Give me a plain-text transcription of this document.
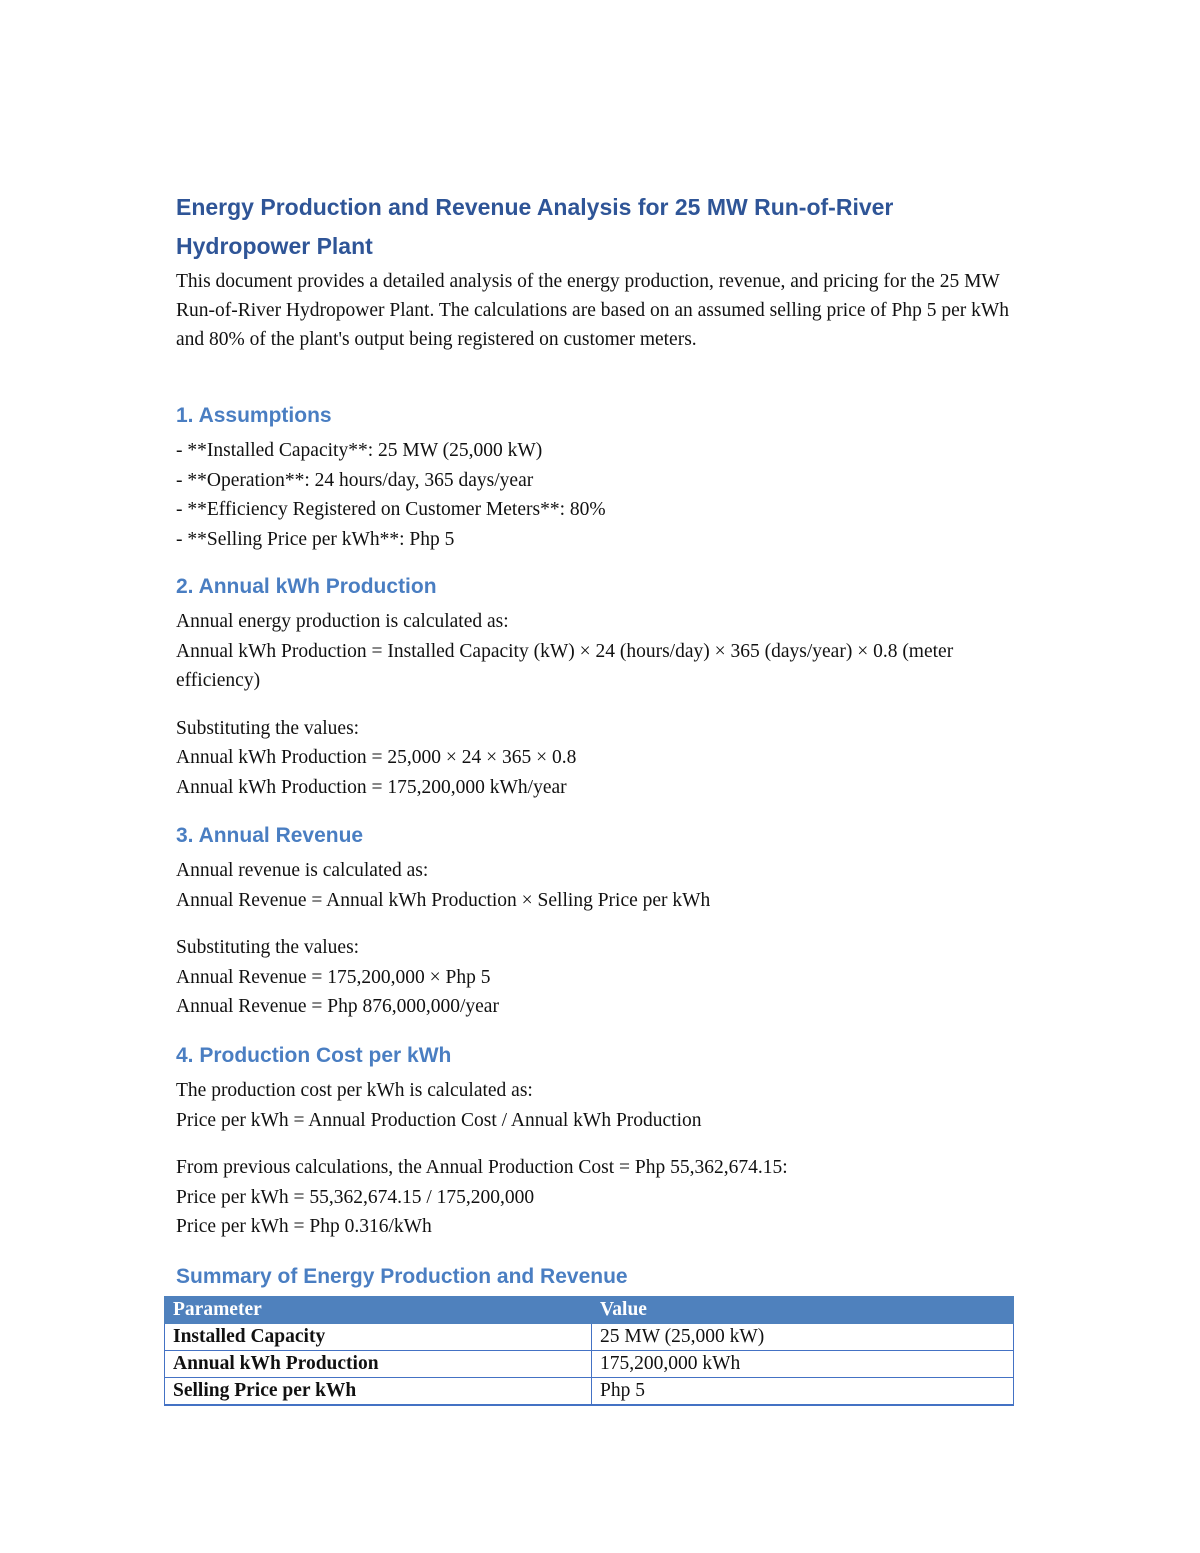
Energy Production and Revenue Analysis for 25 MW Run-of-River Hydropower Plant

This document provides a detailed analysis of the energy production, revenue, and pricing for the 25 MW Run-of-River Hydropower Plant. The calculations are based on an assumed selling price of Php 5 per kWh and 80% of the plant's output being registered on customer meters.

1. Assumptions

- **Installed Capacity**: 25 MW (25,000 kW)

- **Operation**: 24 hours/day, 365 days/year

- **Efficiency Registered on Customer Meters**: 80%

- **Selling Price per kWh**: Php 5

2. Annual kWh Production

Annual energy production is calculated as:

Annual kWh Production = Installed Capacity (kW) × 24 (hours/day) × 365 (days/year) × 0.8 (meter efficiency)

Substituting the values:

Annual kWh Production = 25,000 × 24 × 365 × 0.8

Annual kWh Production = 175,200,000 kWh/year

3. Annual Revenue

Annual revenue is calculated as:

Annual Revenue = Annual kWh Production × Selling Price per kWh

Substituting the values:

Annual Revenue = 175,200,000 × Php 5

Annual Revenue = Php 876,000,000/year

4. Production Cost per kWh

The production cost per kWh is calculated as:

Price per kWh = Annual Production Cost / Annual kWh Production

From previous calculations, the Annual Production Cost = Php 55,362,674.15:

Price per kWh = 55,362,674.15 / 175,200,000

Price per kWh = Php 0.316/kWh

Summary of Energy Production and Revenue
Parameter	Value
Installed Capacity	25 MW (25,000 kW)
Annual kWh Production	175,200,000 kWh
Selling Price per kWh	Php 5
